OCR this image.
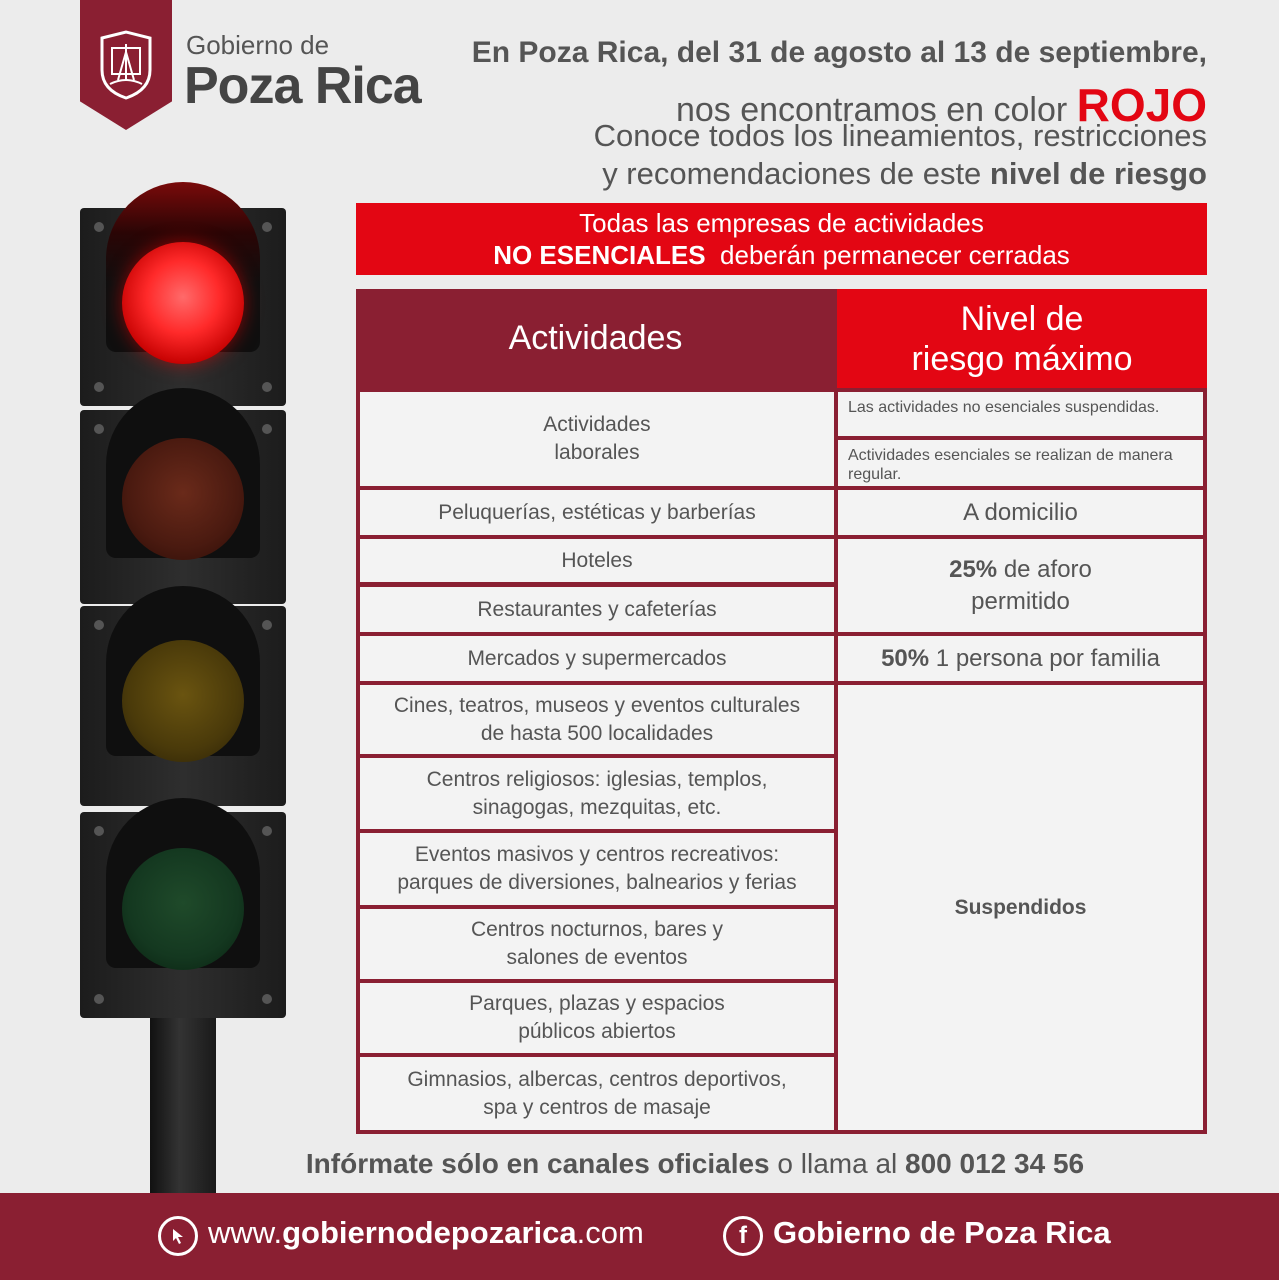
Gobierno de
Poza Rica
En Poza Rica, del 31 de agosto al 13 de septiembre,
nos encontramos en color ROJO
Conoce todos los lineamientos, restricciones
y recomendaciones de este nivel de riesgo
Todas las empresas de actividades
NO ESENCIALES deberán permanecer cerradas
Actividades
Nivel de
riesgo máximo
Actividades
laborales
Peluquerías, estéticas y barberías
Hoteles
Restaurantes y cafeterías
Mercados y supermercados
Cines, teatros, museos y eventos culturales
de hasta 500 localidades
Centros religiosos: iglesias, templos,
sinagogas, mezquitas, etc.
Eventos masivos y centros recreativos:
parques de diversiones, balnearios y ferias
Centros nocturnos, bares y
salones de eventos
Parques, plazas y espacios
públicos abiertos
Gimnasios, albercas, centros deportivos,
spa y centros de masaje
Las actividades no esenciales suspendidas.
Actividades esenciales se realizan de manera regular.
A domicilio
25% de aforo
permitido
50%
1 persona por familia
Suspendidos
Infórmate sólo en canales oficiales o llama al 800 012 34 56
www.gobiernodepozarica.com	f Gobierno de Poza Rica
